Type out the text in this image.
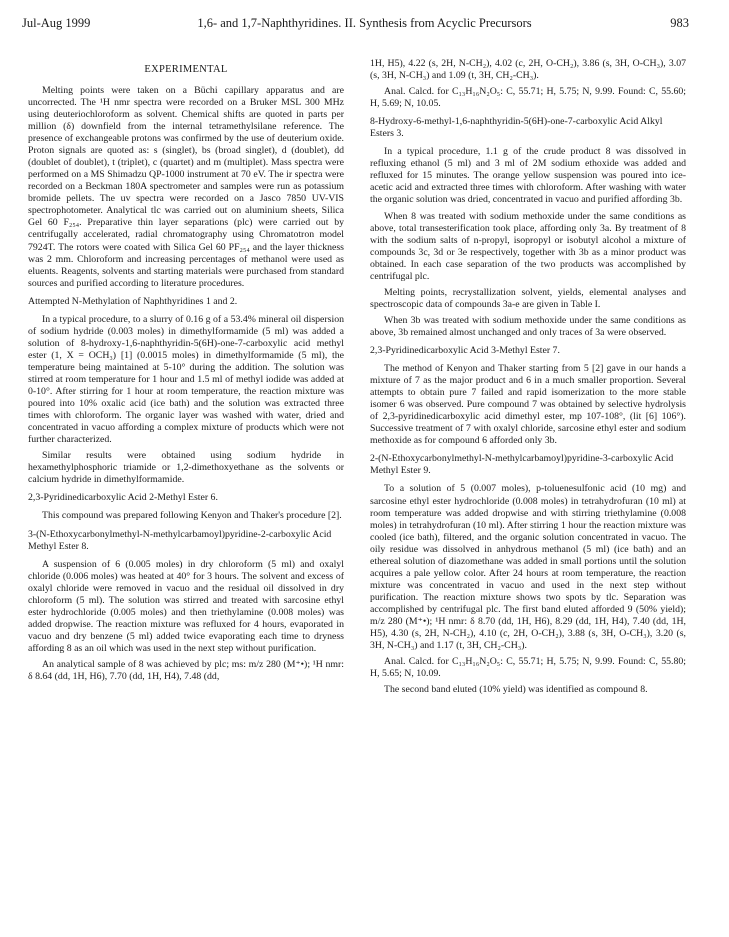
Jul-Aug 1999	1,6- and 1,7-Naphthyridines. II. Synthesis from Acyclic Precursors	983
EXPERIMENTAL

Melting points were taken on a Büchi capillary apparatus and are uncorrected. The ¹H nmr spectra were recorded on a Bruker MSL 300 MHz using deuteriochloroform as solvent. Chemical shifts are quoted in parts per million (δ) downfield from the internal tetramethylsilane reference. The presence of exchangeable protons was confirmed by the use of deuterium oxide. Proton signals are quoted as: s (singlet), bs (broad singlet), d (doublet), dd (doublet of doublet), t (triplet), c (quartet) and m (multiplet). Mass spectra were performed on a MS Shimadzu QP-1000 instrument at 70 eV. The ir spectra were recorded on a Beckman 180A spectrometer and samples were run as potassium bromide pellets. The uv spectra were recorded on a Jasco 7850 UV-VIS spectrophotometer. Analytical tlc was carried out on aluminium sheets, Silica Gel 60 F₂₅₄. Preparative thin layer separations (plc) were carried out by centrifugally accelerated, radial chromatography using Chromatotron model 7924T. The rotors were coated with Silica Gel 60 PF₂₅₄ and the layer thickness was 2 mm. Chloroform and increasing percentages of methanol were used as eluents. Reagents, solvents and starting materials were purchased from standard sources and purified according to literature procedures.

Attempted N-Methylation of Naphthyridines 1 and 2.

In a typical procedure, to a slurry of 0.16 g of a 53.4% mineral oil dispersion of sodium hydride (0.003 moles) in dimethylformamide (5 ml) was added a solution of 8-hydroxy-1,6-naphthyridin-5(6H)-one-7-carboxylic acid methyl ester (1, X = OCH₃) [1] (0.0015 moles) in dimethylformamide (5 ml), the temperature being maintained at 5-10° during the addition. The solution was stirred at room temperature for 1 hour and 1.5 ml of methyl iodide was added at 0-10°. After stirring for 1 hour at room temperature, the reaction mixture was poured into 10% oxalic acid (ice bath) and the solution was extracted three times with chloroform. The organic layer was washed with water, dried and concentrated in vacuo affording a complex mixture of products which were not further characterized.

Similar results were obtained using sodium hydride in hexamethylphosphoric triamide or 1,2-dimethoxyethane as the solvents or calcium hydride in dimethylformamide.

2,3-Pyridinedicarboxylic Acid 2-Methyl Ester 6.

This compound was prepared following Kenyon and Thaker's procedure [2].

3-(N-Ethoxycarbonylmethyl-N-methylcarbamoyl)pyridine-2-carboxylic Acid Methyl Ester 8.

A suspension of 6 (0.005 moles) in dry chloroform (5 ml) and oxalyl chloride (0.006 moles) was heated at 40° for 3 hours. The solvent and excess of oxalyl chloride were removed in vacuo and the residual oil dissolved in dry chloroform (5 ml). The solution was stirred and treated with sarcosine ethyl ester hydrochloride (0.005 moles) and then triethylamine (0.008 moles) was added dropwise. The reaction mixture was refluxed for 4 hours, evaporated in vacuo and dry benzene (5 ml) added twice evaporating each time to dryness affording 8 as an oil which was used in the next step without purification.

An analytical sample of 8 was achieved by plc; ms: m/z 280 (M⁺•); ¹H nmr: δ 8.64 (dd, 1H, H6), 7.70 (dd, 1H, H4), 7.48 (dd,

1H, H5), 4.22 (s, 2H, N-CH₂), 4.02 (c, 2H, O-CH₂), 3.86 (s, 3H, O-CH₃), 3.07 (s, 3H, N-CH₃) and 1.09 (t, 3H, CH₂-CH₃).

Anal. Calcd. for C₁₃H₁₆N₂O₅: C, 55.71; H, 5.75; N, 9.99. Found: C, 55.60; H, 5.69; N, 10.05.

8-Hydroxy-6-methyl-1,6-naphthyridin-5(6H)-one-7-carboxylic Acid Alkyl Esters 3.

In a typical procedure, 1.1 g of the crude product 8 was dissolved in refluxing ethanol (5 ml) and 3 ml of 2M sodium ethoxide was added and refluxed for 15 minutes. The orange yellow suspension was poured into ice-acetic acid and extracted three times with chloroform. After washing with water the organic solution was dried, concentrated in vacuo and purified affording 3b.

When 8 was treated with sodium methoxide under the same conditions as above, total transesterification took place, affording only 3a. By treatment of 8 with the sodium salts of n-propyl, isopropyl or isobutyl alcohol a mixture of compounds 3c, 3d or 3e respectively, together with 3b as a minor product was obtained. In each case separation of the two products was accomplished by centrifugal plc.

Melting points, recrystallization solvent, yields, elemental analyses and spectroscopic data of compounds 3a-e are given in Table I.

When 3b was treated with sodium methoxide under the same conditions as above, 3b remained almost unchanged and only traces of 3a were observed.

2,3-Pyridinedicarboxylic Acid 3-Methyl Ester 7.

The method of Kenyon and Thaker starting from 5 [2] gave in our hands a mixture of 7 as the major product and 6 in a much smaller proportion. Several attempts to obtain pure 7 failed and rapid isomerization to the more stable isomer 6 was observed. Pure compound 7 was obtained by selective hydrolysis of 2,3-pyridinedicarboxylic acid dimethyl ester, mp 107-108°, (lit [6] 106°). Successive treatment of 7 with oxalyl chloride, sarcosine ethyl ester and sodium methoxide as for compound 6 afforded only 3b.

2-(N-Ethoxycarbonylmethyl-N-methylcarbamoyl)pyridine-3-carboxylic Acid Methyl Ester 9.

To a solution of 5 (0.007 moles), p-toluenesulfonic acid (10 mg) and sarcosine ethyl ester hydrochloride (0.008 moles) in tetrahydrofuran (10 ml) at room temperature was added dropwise and with stirring triethylamine (0.008 moles) in tetrahydrofuran (10 ml). After stirring 1 hour the reaction mixture was cooled (ice bath), filtered, and the organic solution concentrated in vacuo. The oily residue was dissolved in anhydrous methanol (5 ml) (ice bath) and an ethereal solution of diazomethane was added in small portions until the solution acquires a pale yellow color. After 24 hours at room temperature, the reaction mixture was concentrated in vacuo and used in the next step without purification. The reaction mixture shows two spots by tlc. Separation was accomplished by centrifugal plc. The first band eluted afforded 9 (50% yield); m/z 280 (M⁺•); ¹H nmr: δ 8.70 (dd, 1H, H6), 8.29 (dd, 1H, H4), 7.40 (dd, 1H, H5), 4.30 (s, 2H, N-CH₂), 4.10 (c, 2H, O-CH₂), 3.88 (s, 3H, O-CH₃), 3.20 (s, 3H, N-CH₃) and 1.17 (t, 3H, CH₂-CH₃).

Anal. Calcd. for C₁₃H₁₆N₂O₅: C, 55.71; H, 5.75; N, 9.99. Found: C, 55.80; H, 5.65; N, 10.09.

The second band eluted (10% yield) was identified as compound 8.
